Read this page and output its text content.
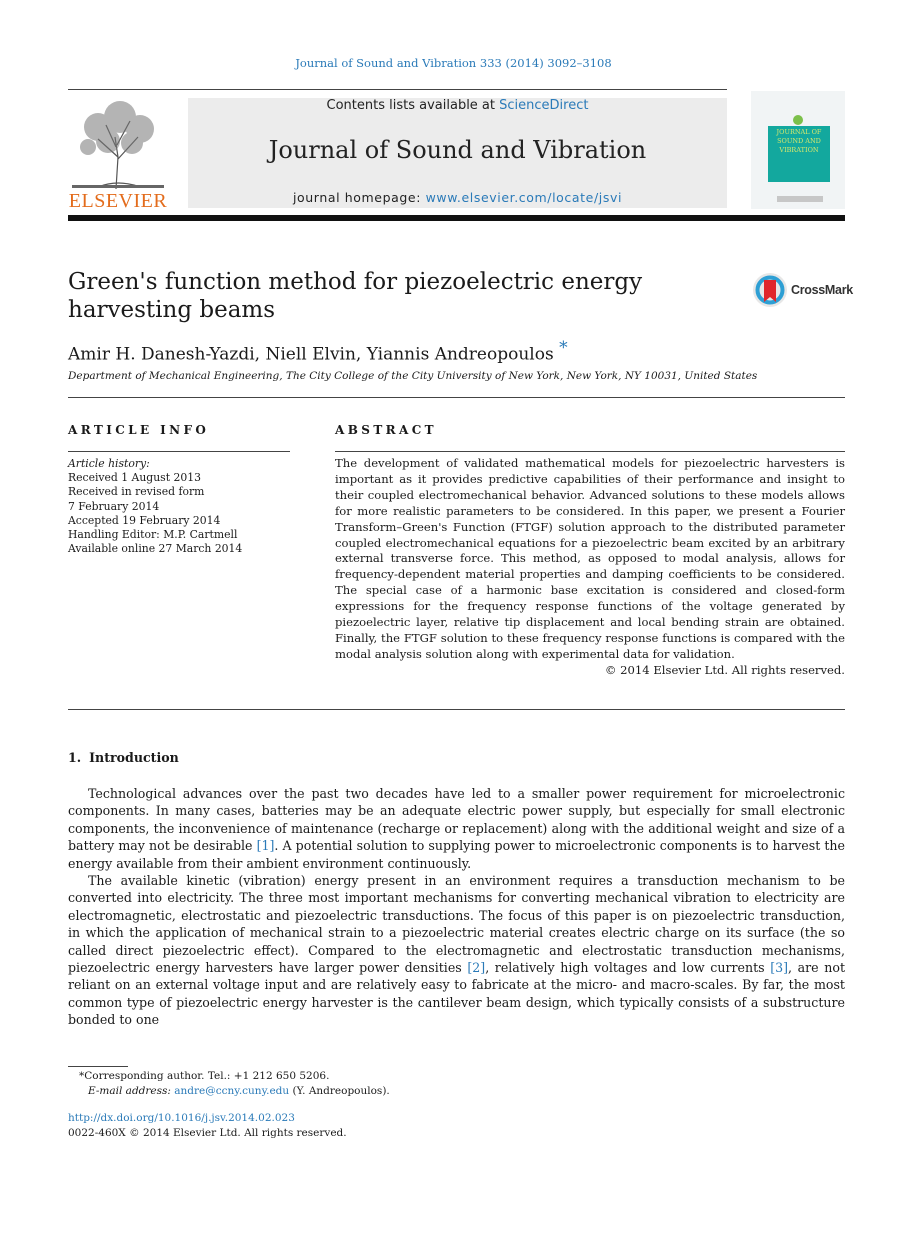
Journal of Sound and Vibration 333 (2014) 3092–3108
ELSEVIER
Contents lists available at ScienceDirect
Journal of Sound and Vibration
journal homepage: www.elsevier.com/locate/jsvi
JOURNAL OF SOUND AND VIBRATION
Green's function method for piezoelectric energy harvesting beams
CrossMark
Amir H. Danesh-Yazdi, Niell Elvin, Yiannis Andreopoulos *
Department of Mechanical Engineering, The City College of the City University of New York, New York, NY 10031, United States
ARTICLE INFO	ABSTRACT
Article history:
Received 1 August 2013
Received in revised form
7 February 2014
Accepted 19 February 2014
Handling Editor: M.P. Cartmell
Available online 27 March 2014
The development of validated mathematical models for piezoelectric harvesters is important as it provides predictive capabilities of their performance and insight to their coupled electromechanical behavior. Advanced solutions to these models allows for more realistic parameters to be considered. In this paper, we present a Fourier Transform–Green's Function (FTGF) solution approach to the distributed parameter coupled electromechanical equations for a piezoelectric beam excited by an arbitrary external transverse force. This method, as opposed to modal analysis, allows for frequency-dependent material properties and damping coefficients to be considered. The special case of a harmonic base excitation is considered and closed-form expressions for the frequency response functions of the voltage generated by piezoelectric layer, relative tip displacement and local bending strain are obtained. Finally, the FTGF solution to these frequency response functions is compared with the modal analysis solution along with experimental data for validation.
© 2014 Elsevier Ltd. All rights reserved.
1. Introduction
Technological advances over the past two decades have led to a smaller power requirement for microelectronic components. In many cases, batteries may be an adequate electric power supply, but especially for small electronic components, the inconvenience of maintenance (recharge or replacement) along with the additional weight and size of a battery may not be desirable [1]. A potential solution to supplying power to microelectronic components is to harvest the energy available from their ambient environment continuously.
The available kinetic (vibration) energy present in an environment requires a transduction mechanism to be converted into electricity. The three most important mechanisms for converting mechanical vibration to electricity are electromagnetic, electrostatic and piezoelectric transductions. The focus of this paper is on piezoelectric transduction, in which the application of mechanical strain to a piezoelectric material creates electric charge on its surface (the so called direct piezoelectric effect). Compared to the electromagnetic and electrostatic transduction mechanisms, piezoelectric energy harvesters have larger power densities [2], relatively high voltages and low currents [3], are not reliant on an external voltage input and are relatively easy to fabricate at the micro- and macro-scales. By far, the most common type of piezoelectric energy harvester is the cantilever beam design, which typically consists of a substructure bonded to one
*Corresponding author. Tel.: +1 212 650 5206.
E-mail address: andre@ccny.cuny.edu (Y. Andreopoulos).
http://dx.doi.org/10.1016/j.jsv.2014.02.023
0022-460X © 2014 Elsevier Ltd. All rights reserved.
